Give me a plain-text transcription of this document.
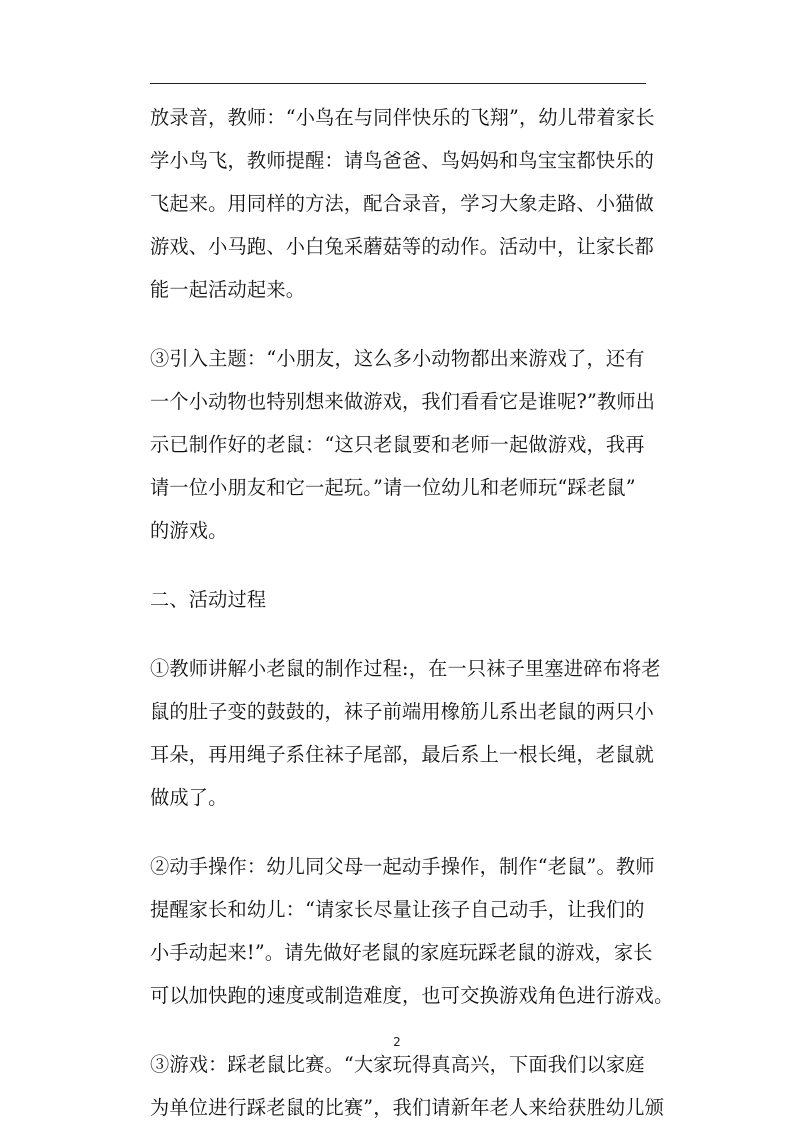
放录音，教师：“小鸟在与同伴快乐的飞翔”，幼儿带着家长
学小鸟飞，教师提醒：请鸟爸爸、鸟妈妈和鸟宝宝都快乐的
飞起来。用同样的方法，配合录音，学习大象走路、小猫做
游戏、小马跑、小白兔采蘑菇等的动作。活动中，让家长都
能一起活动起来。
③引入主题：“小朋友，这么多小动物都出来游戏了，还有
一个小动物也特别想来做游戏，我们看看它是谁呢?”教师出
示已制作好的老鼠：“这只老鼠要和老师一起做游戏，我再
请一位小朋友和它一起玩。”请一位幼儿和老师玩“踩老鼠”
的游戏。
二、活动过程
①教师讲解小老鼠的制作过程:，在一只袜子里塞进碎布将老
鼠的肚子变的鼓鼓的，袜子前端用橡筋儿系出老鼠的两只小
耳朵，再用绳子系住袜子尾部，最后系上一根长绳，老鼠就
做成了。
②动手操作：幼儿同父母一起动手操作，制作“老鼠”。教师
提醒家长和幼儿：“请家长尽量让孩子自己动手，让我们的
小手动起来!”。请先做好老鼠的家庭玩踩老鼠的游戏，家长
可以加快跑的速度或制造难度，也可交换游戏角色进行游戏。
③游戏：踩老鼠比赛。“大家玩得真高兴，下面我们以家庭
为单位进行踩老鼠的比赛”，我们请新年老人来给获胜幼儿颁
2
